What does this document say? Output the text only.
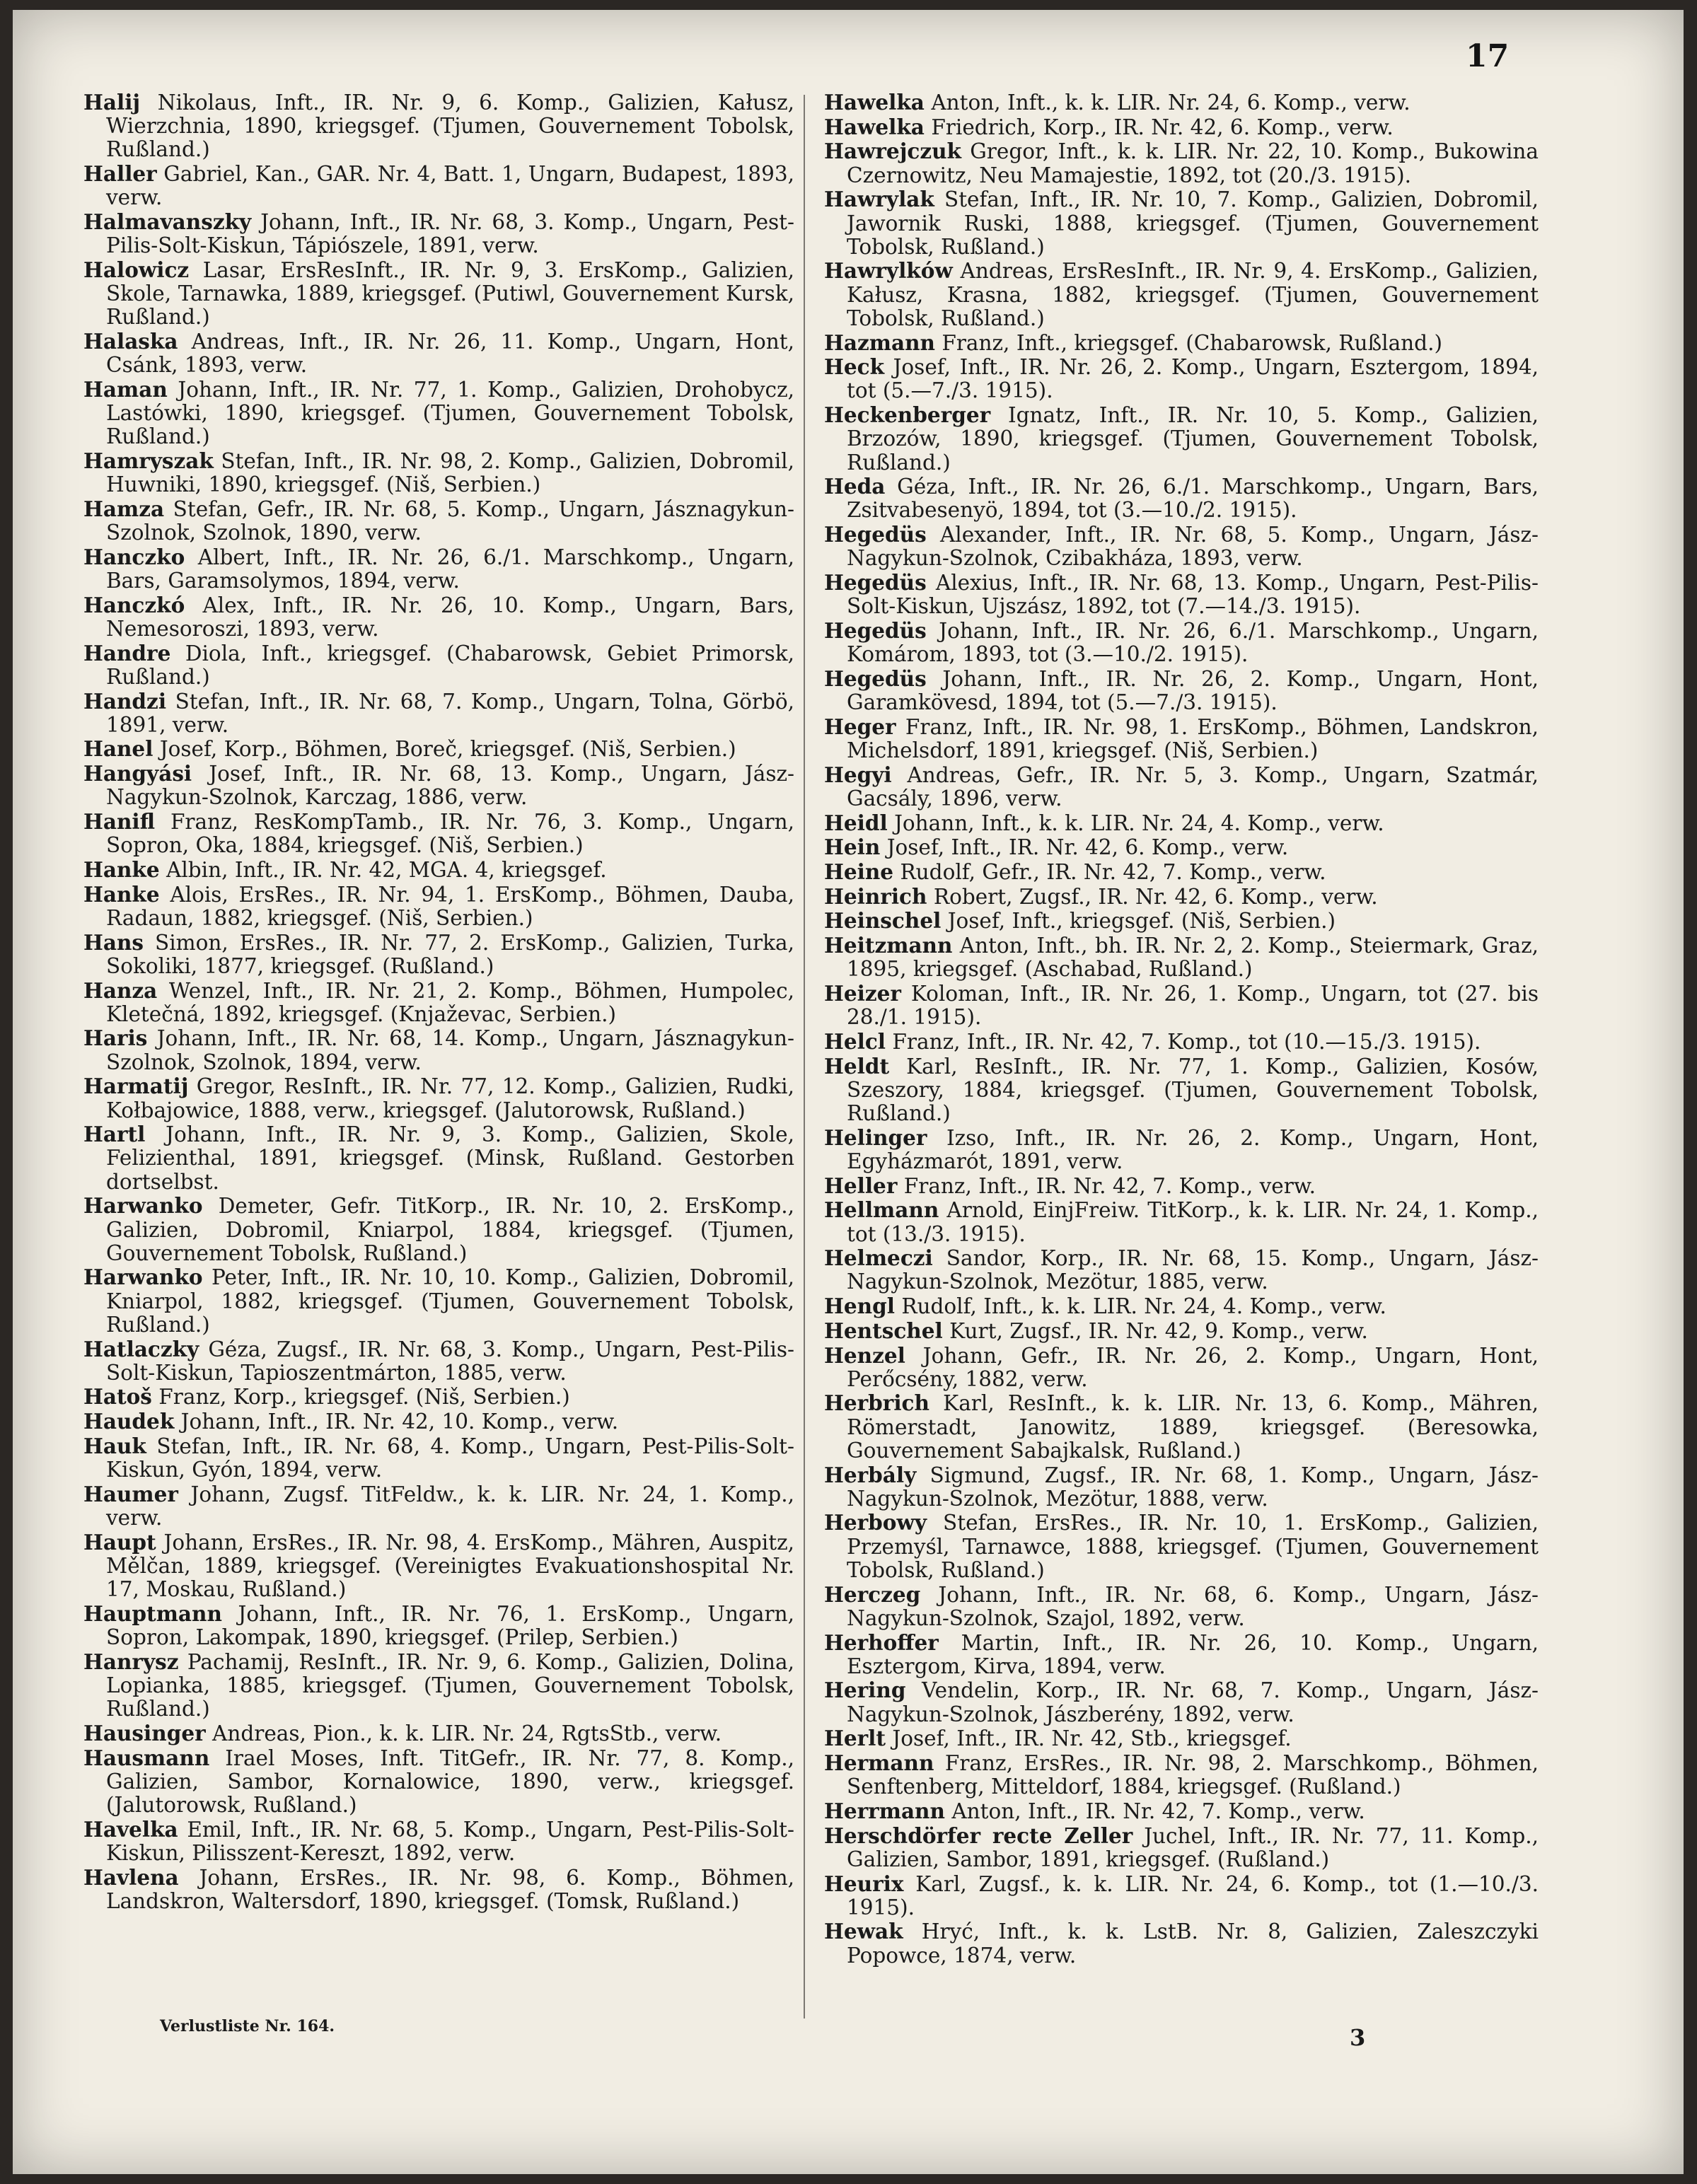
17

Halij Nikolaus, Inft., IR. Nr. 9, 6. Komp., Galizien, Kałusz, Wierzchnia, 1890, kriegsgef. (Tjumen, Gouvernement Tobolsk, Rußland.)

Haller Gabriel, Kan., GAR. Nr. 4, Batt. 1, Ungarn, Budapest, 1893, verw.

Halmavanszky Johann, Inft., IR. Nr. 68, 3. Komp., Ungarn, Pest-Pilis-Solt-Kiskun, Tápiószele, 1891, verw.

Halowicz Lasar, ErsResInft., IR. Nr. 9, 3. ErsKomp., Galizien, Skole, Tarnawka, 1889, kriegsgef. (Putiwl, Gouvernement Kursk, Rußland.)

Halaska Andreas, Inft., IR. Nr. 26, 11. Komp., Ungarn, Hont, Csánk, 1893, verw.

Haman Johann, Inft., IR. Nr. 77, 1. Komp., Galizien, Drohobycz, Lastówki, 1890, kriegsgef. (Tjumen, Gouvernement Tobolsk, Rußland.)

Hamryszak Stefan, Inft., IR. Nr. 98, 2. Komp., Galizien, Dobromil, Huwniki, 1890, kriegsgef. (Niš, Serbien.)

Hamza Stefan, Gefr., IR. Nr. 68, 5. Komp., Ungarn, Jásznagykun-Szolnok, Szolnok, 1890, verw.

Hanczko Albert, Inft., IR. Nr. 26, 6./1. Marschkomp., Ungarn, Bars, Garamsolymos, 1894, verw.

Hanczkó Alex, Inft., IR. Nr. 26, 10. Komp., Ungarn, Bars, Nemesoroszi, 1893, verw.

Handre Diola, Inft., kriegsgef. (Chabarowsk, Gebiet Primorsk, Rußland.)

Handzi Stefan, Inft., IR. Nr. 68, 7. Komp., Ungarn, Tolna, Görbö, 1891, verw.

Hanel Josef, Korp., Böhmen, Boreč, kriegsgef. (Niš, Serbien.)

Hangyási Josef, Inft., IR. Nr. 68, 13. Komp., Ungarn, Jász-Nagykun-Szolnok, Karczag, 1886, verw.

Hanifl Franz, ResKompTamb., IR. Nr. 76, 3. Komp., Ungarn, Sopron, Oka, 1884, kriegsgef. (Niš, Serbien.)

Hanke Albin, Inft., IR. Nr. 42, MGA. 4, kriegsgef.

Hanke Alois, ErsRes., IR. Nr. 94, 1. ErsKomp., Böhmen, Dauba, Radaun, 1882, kriegsgef. (Niš, Serbien.)

Hans Simon, ErsRes., IR. Nr. 77, 2. ErsKomp., Galizien, Turka, Sokoliki, 1877, kriegsgef. (Rußland.)

Hanza Wenzel, Inft., IR. Nr. 21, 2. Komp., Böhmen, Humpolec, Kletečná, 1892, kriegsgef. (Knjaževac, Serbien.)

Haris Johann, Inft., IR. Nr. 68, 14. Komp., Ungarn, Jásznagykun-Szolnok, Szolnok, 1894, verw.

Harmatij Gregor, ResInft., IR. Nr. 77, 12. Komp., Galizien, Rudki, Kołbajowice, 1888, verw., kriegsgef. (Jalutorowsk, Rußland.)

Hartl Johann, Inft., IR. Nr. 9, 3. Komp., Galizien, Skole, Felizienthal, 1891, kriegsgef. (Minsk, Rußland. Gestorben dortselbst.

Harwanko Demeter, Gefr. TitKorp., IR. Nr. 10, 2. ErsKomp., Galizien, Dobromil, Kniarpol, 1884, kriegsgef. (Tjumen, Gouvernement Tobolsk, Rußland.)

Harwanko Peter, Inft., IR. Nr. 10, 10. Komp., Galizien, Dobromil, Kniarpol, 1882, kriegsgef. (Tjumen, Gouvernement Tobolsk, Rußland.)

Hatlaczky Géza, Zugsf., IR. Nr. 68, 3. Komp., Ungarn, Pest-Pilis-Solt-Kiskun, Tapioszentmárton, 1885, verw.

Hatoš Franz, Korp., kriegsgef. (Niš, Serbien.)

Haudek Johann, Inft., IR. Nr. 42, 10. Komp., verw.

Hauk Stefan, Inft., IR. Nr. 68, 4. Komp., Ungarn, Pest-Pilis-Solt-Kiskun, Gyón, 1894, verw.

Haumer Johann, Zugsf. TitFeldw., k. k. LIR. Nr. 24, 1. Komp., verw.

Haupt Johann, ErsRes., IR. Nr. 98, 4. ErsKomp., Mähren, Auspitz, Mělčan, 1889, kriegsgef. (Vereinigtes Evakuationshospital Nr. 17, Moskau, Rußland.)

Hauptmann Johann, Inft., IR. Nr. 76, 1. ErsKomp., Ungarn, Sopron, Lakompak, 1890, kriegsgef. (Prilep, Serbien.)

Hanrysz Pachamij, ResInft., IR. Nr. 9, 6. Komp., Galizien, Dolina, Lopianka, 1885, kriegsgef. (Tjumen, Gouvernement Tobolsk, Rußland.)

Hausinger Andreas, Pion., k. k. LIR. Nr. 24, RgtsStb., verw.

Hausmann Irael Moses, Inft. TitGefr., IR. Nr. 77, 8. Komp., Galizien, Sambor, Kornalowice, 1890, verw., kriegsgef. (Jalutorowsk, Rußland.)

Havelka Emil, Inft., IR. Nr. 68, 5. Komp., Ungarn, Pest-Pilis-Solt-Kiskun, Pilisszent-Kereszt, 1892, verw.

Havlena Johann, ErsRes., IR. Nr. 98, 6. Komp., Böhmen, Landskron, Waltersdorf, 1890, kriegsgef. (Tomsk, Rußland.)

Hawelka Anton, Inft., k. k. LIR. Nr. 24, 6. Komp., verw.

Hawelka Friedrich, Korp., IR. Nr. 42, 6. Komp., verw.

Hawrejczuk Gregor, Inft., k. k. LIR. Nr. 22, 10. Komp., Bukowina Czernowitz, Neu Mamajestie, 1892, tot (20./3. 1915).

Hawrylak Stefan, Inft., IR. Nr. 10, 7. Komp., Galizien, Dobromil, Jawornik Ruski, 1888, kriegsgef. (Tjumen, Gouvernement Tobolsk, Rußland.)

Hawrylków Andreas, ErsResInft., IR. Nr. 9, 4. ErsKomp., Galizien, Kałusz, Krasna, 1882, kriegsgef. (Tjumen, Gouvernement Tobolsk, Rußland.)

Hazmann Franz, Inft., kriegsgef. (Chabarowsk, Rußland.)

Heck Josef, Inft., IR. Nr. 26, 2. Komp., Ungarn, Esztergom, 1894, tot (5.—7./3. 1915).

Heckenberger Ignatz, Inft., IR. Nr. 10, 5. Komp., Galizien, Brzozów, 1890, kriegsgef. (Tjumen, Gouvernement Tobolsk, Rußland.)

Heda Géza, Inft., IR. Nr. 26, 6./1. Marschkomp., Ungarn, Bars, Zsitvabesenyö, 1894, tot (3.—10./2. 1915).

Hegedüs Alexander, Inft., IR. Nr. 68, 5. Komp., Ungarn, Jász-Nagykun-Szolnok, Czibakháza, 1893, verw.

Hegedüs Alexius, Inft., IR. Nr. 68, 13. Komp., Ungarn, Pest-Pilis-Solt-Kiskun, Ujszász, 1892, tot (7.—14./3. 1915).

Hegedüs Johann, Inft., IR. Nr. 26, 6./1. Marschkomp., Ungarn, Komárom, 1893, tot (3.—10./2. 1915).

Hegedüs Johann, Inft., IR. Nr. 26, 2. Komp., Ungarn, Hont, Garamkövesd, 1894, tot (5.—7./3. 1915).

Heger Franz, Inft., IR. Nr. 98, 1. ErsKomp., Böhmen, Landskron, Michelsdorf, 1891, kriegsgef. (Niš, Serbien.)

Hegyi Andreas, Gefr., IR. Nr. 5, 3. Komp., Ungarn, Szatmár, Gacsály, 1896, verw.

Heidl Johann, Inft., k. k. LIR. Nr. 24, 4. Komp., verw.

Hein Josef, Inft., IR. Nr. 42, 6. Komp., verw.

Heine Rudolf, Gefr., IR. Nr. 42, 7. Komp., verw.

Heinrich Robert, Zugsf., IR. Nr. 42, 6. Komp., verw.

Heinschel Josef, Inft., kriegsgef. (Niš, Serbien.)

Heitzmann Anton, Inft., bh. IR. Nr. 2, 2. Komp., Steiermark, Graz, 1895, kriegsgef. (Aschabad, Rußland.)

Heizer Koloman, Inft., IR. Nr. 26, 1. Komp., Ungarn, tot (27. bis 28./1. 1915).

Helcl Franz, Inft., IR. Nr. 42, 7. Komp., tot (10.—15./3. 1915).

Heldt Karl, ResInft., IR. Nr. 77, 1. Komp., Galizien, Kosów, Szeszory, 1884, kriegsgef. (Tjumen, Gouvernement Tobolsk, Rußland.)

Helinger Izso, Inft., IR. Nr. 26, 2. Komp., Ungarn, Hont, Egyházmarót, 1891, verw.

Heller Franz, Inft., IR. Nr. 42, 7. Komp., verw.

Hellmann Arnold, EinjFreiw. TitKorp., k. k. LIR. Nr. 24, 1. Komp., tot (13./3. 1915).

Helmeczi Sandor, Korp., IR. Nr. 68, 15. Komp., Ungarn, Jász-Nagykun-Szolnok, Mezötur, 1885, verw.

Hengl Rudolf, Inft., k. k. LIR. Nr. 24, 4. Komp., verw.

Hentschel Kurt, Zugsf., IR. Nr. 42, 9. Komp., verw.

Henzel Johann, Gefr., IR. Nr. 26, 2. Komp., Ungarn, Hont, Perőcsény, 1882, verw.

Herbrich Karl, ResInft., k. k. LIR. Nr. 13, 6. Komp., Mähren, Römerstadt, Janowitz, 1889, kriegsgef. (Beresowka, Gouvernement Sabajkalsk, Rußland.)

Herbály Sigmund, Zugsf., IR. Nr. 68, 1. Komp., Ungarn, Jász-Nagykun-Szolnok, Mezötur, 1888, verw.

Herbowy Stefan, ErsRes., IR. Nr. 10, 1. ErsKomp., Galizien, Przemyśl, Tarnawce, 1888, kriegsgef. (Tjumen, Gouvernement Tobolsk, Rußland.)

Herczeg Johann, Inft., IR. Nr. 68, 6. Komp., Ungarn, Jász-Nagykun-Szolnok, Szajol, 1892, verw.

Herhoffer Martin, Inft., IR. Nr. 26, 10. Komp., Ungarn, Esztergom, Kirva, 1894, verw.

Hering Vendelin, Korp., IR. Nr. 68, 7. Komp., Ungarn, Jász-Nagykun-Szolnok, Jászberény, 1892, verw.

Herlt Josef, Inft., IR. Nr. 42, Stb., kriegsgef.

Hermann Franz, ErsRes., IR. Nr. 98, 2. Marschkomp., Böhmen, Senftenberg, Mitteldorf, 1884, kriegsgef. (Rußland.)

Herrmann Anton, Inft., IR. Nr. 42, 7. Komp., verw.

Herschdörfer recte Zeller Juchel, Inft., IR. Nr. 77, 11. Komp., Galizien, Sambor, 1891, kriegsgef. (Rußland.)

Heurix Karl, Zugsf., k. k. LIR. Nr. 24, 6. Komp., tot (1.—10./3. 1915).

Hewak Hryć, Inft., k. k. LstB. Nr. 8, Galizien, Zaleszczyki Popowce, 1874, verw.

Verlustliste Nr. 164.	3
